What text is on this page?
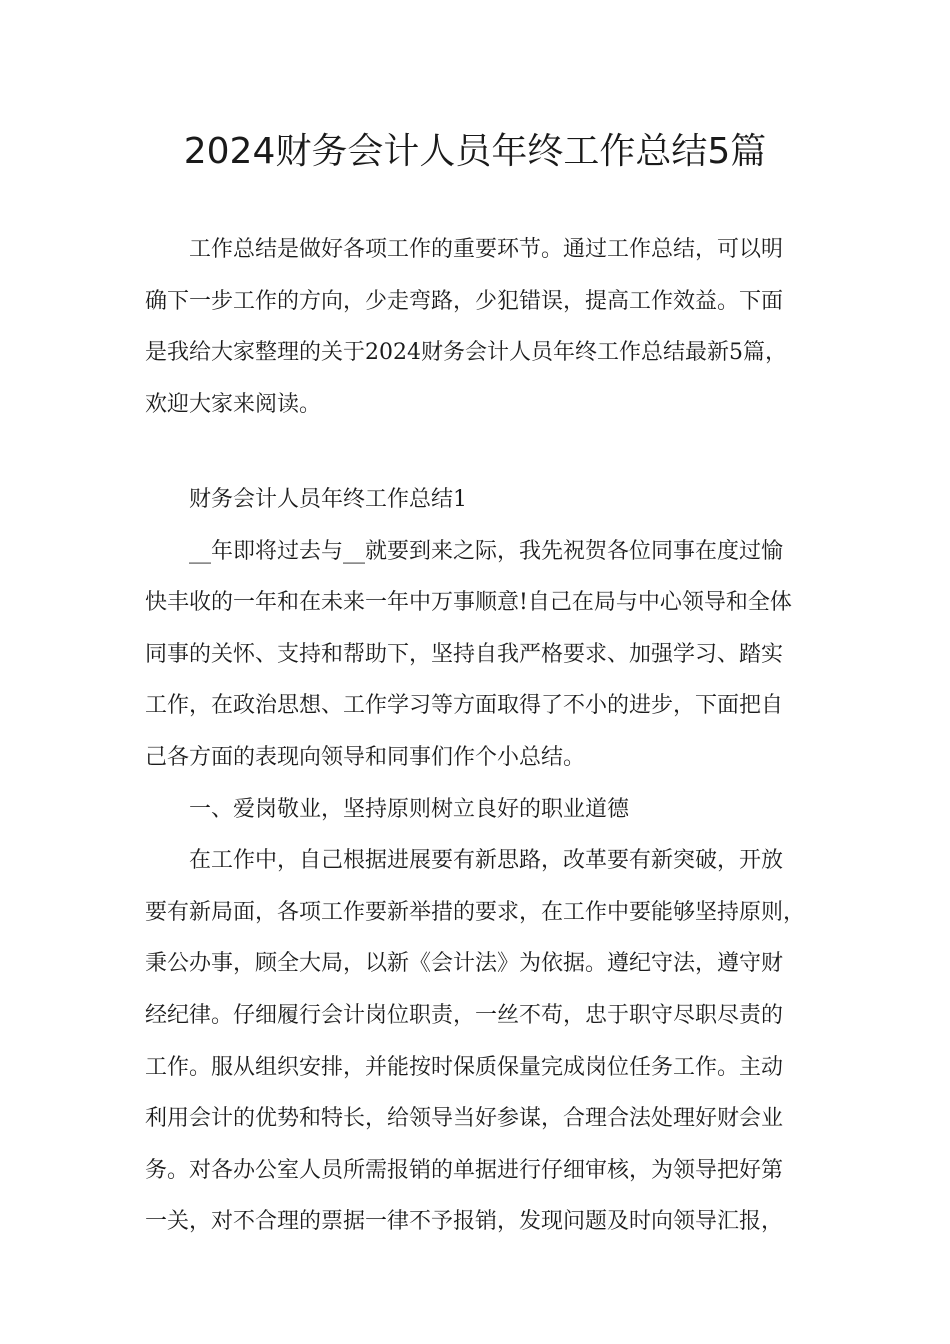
2024财务会计人员年终工作总结5篇
工作总结是做好各项工作的重要环节。通过工作总结，可以明
确下一步工作的方向，少走弯路，少犯错误，提高工作效益。下面
是我给大家整理的关于2024财务会计人员年终工作总结最新5篇，
欢迎大家来阅读。
财务会计人员年终工作总结1
__年即将过去与__就要到来之际，我先祝贺各位同事在度过愉
快丰收的一年和在未来一年中万事顺意!自己在局与中心领导和全体
同事的关怀、支持和帮助下，坚持自我严格要求、加强学习、踏实
工作，在政治思想、工作学习等方面取得了不小的进步，下面把自
己各方面的表现向领导和同事们作个小总结。
一、爱岗敬业，坚持原则树立良好的职业道德
在工作中，自己根据进展要有新思路，改革要有新突破，开放
要有新局面，各项工作要新举措的要求，在工作中要能够坚持原则，
秉公办事，顾全大局，以新《会计法》为依据。遵纪守法，遵守财
经纪律。仔细履行会计岗位职责，一丝不苟，忠于职守尽职尽责的
工作。服从组织安排，并能按时保质保量完成岗位任务工作。主动
利用会计的优势和特长，给领导当好参谋，合理合法处理好财会业
务。对各办公室人员所需报销的单据进行仔细审核，为领导把好第
一关，对不合理的票据一律不予报销，发现问题及时向领导汇报，
